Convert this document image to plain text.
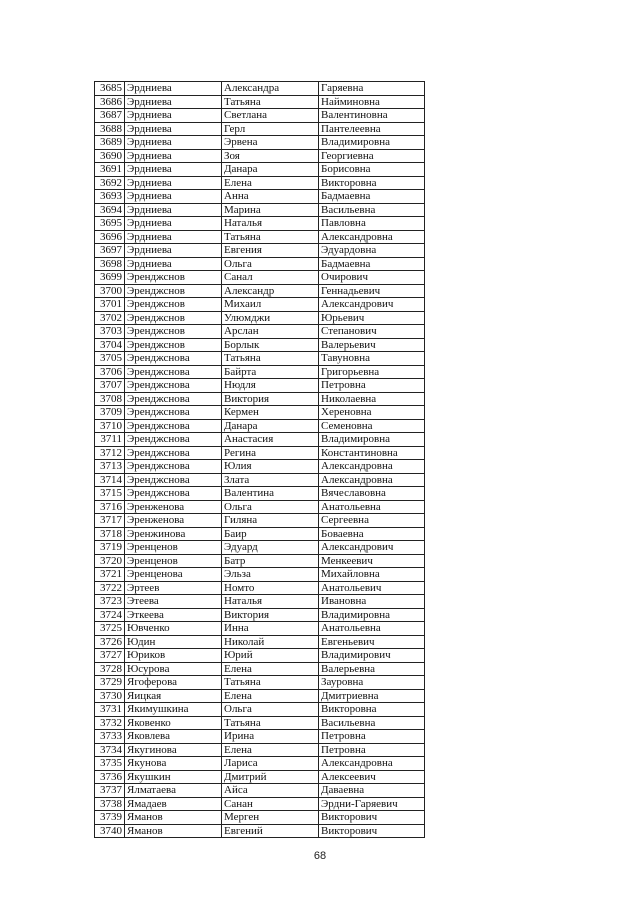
3685	Эрдниева	Александра	Гаряевна
3686	Эрдниева	Татьяна	Найминовна
3687	Эрдниева	Светлана	Валентиновна
3688	Эрдниева	Герл	Пантелеевна
3689	Эрдниева	Эрвена	Владимировна
3690	Эрдниева	Зоя	Георгиевна
3691	Эрдниева	Данара	Борисовна
3692	Эрдниева	Елена	Викторовна
3693	Эрдниева	Анна	Бадмаевна
3694	Эрдниева	Марина	Васильевна
3695	Эрдниева	Наталья	Павловна
3696	Эрдниева	Татьяна	Александровна
3697	Эрдниева	Евгения	Эдуардовна
3698	Эрдниева	Ольга	Бадмаевна
3699	Эренджснов	Санал	Очирович
3700	Эренджснов	Александр	Геннадьевич
3701	Эренджснов	Михаил	Александрович
3702	Эренджснов	Улюмджи	Юрьевич
3703	Эренджснов	Арслан	Степанович
3704	Эренджснов	Борлык	Валерьевич
3705	Эренджснова	Татьяна	Тавуновна
3706	Эренджснова	Байрта	Григорьевна
3707	Эренджснова	Нюдля	Петровна
3708	Эренджснова	Виктория	Николаевна
3709	Эренджснова	Кермен	Хереновна
3710	Эренджснова	Данара	Семеновна
3711	Эренджснова	Анастасия	Владимировна
3712	Эренджснова	Регина	Константиновна
3713	Эренджснова	Юлия	Александровна
3714	Эренджснова	Злата	Александровна
3715	Эренджснова	Валентина	Вячеславовна
3716	Эренженова	Ольга	Анатольевна
3717	Эренженова	Гиляна	Сергеевна
3718	Эренжинова	Баир	Боваевна
3719	Эренценов	Эдуард	Александрович
3720	Эренценов	Батр	Менкеевич
3721	Эренценова	Эльза	Михайловна
3722	Эртеев	Номто	Анатольевич
3723	Этеева	Наталья	Ивановна
3724	Эткеева	Виктория	Владимировна
3725	Ювченко	Инна	Анатольевна
3726	Юдин	Николай	Евгеньевич
3727	Юриков	Юрий	Владимирович
3728	Юсурова	Елена	Валерьевна
3729	Ягоферова	Татьяна	Зауровна
3730	Яицкая	Елена	Дмитриевна
3731	Якимушкина	Ольга	Викторовна
3732	Яковенко	Татьяна	Васильевна
3733	Яковлева	Ирина	Петровна
3734	Якугинова	Елена	Петровна
3735	Якунова	Лариса	Александровна
3736	Якушкин	Дмитрий	Алексеевич
3737	Ялматаева	Айса	Даваевна
3738	Ямадаев	Санан	Эрдни-Гаряевич
3739	Яманов	Мерген	Викторович
3740	Яманов	Евгений	Викторович
68
